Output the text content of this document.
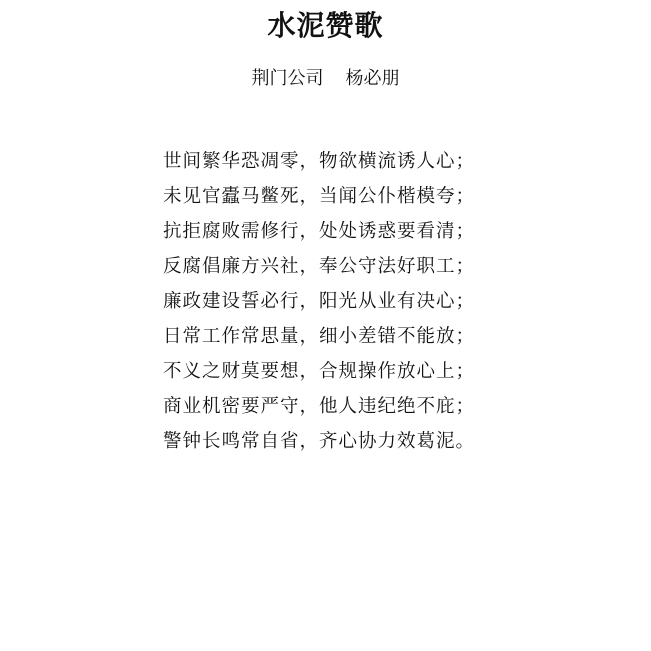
水泥赞歌
荆门公司 杨必朋
世间繁华恐凋零，物欲横流诱人心；
未见官蠹马鳖死，当闻公仆楷模夸；
抗拒腐败需修行，处处诱惑要看清；
反腐倡廉方兴社，奉公守法好职工；
廉政建设誓必行，阳光从业有决心；
日常工作常思量，细小差错不能放；
不义之财莫要想，合规操作放心上；
商业机密要严守，他人违纪绝不庇；
警钟长鸣常自省，齐心协力效葛泥。
